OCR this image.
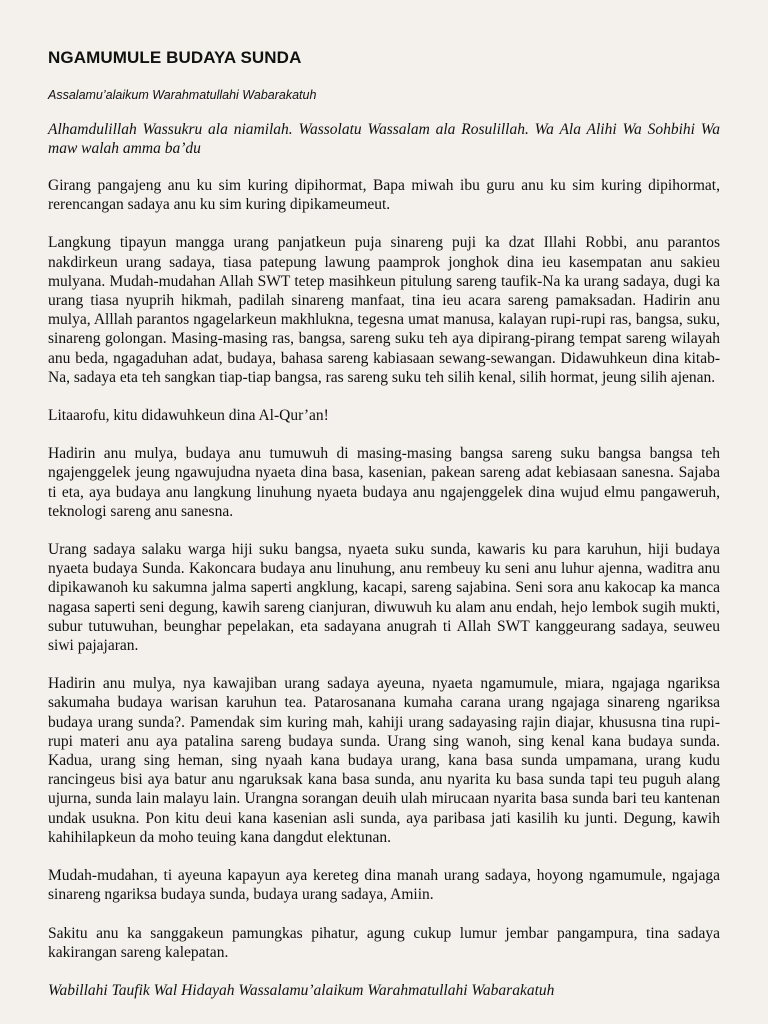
NGAMUMULE BUDAYA SUNDA

Assalamu’alaikum Warahmatullahi Wabarakatuh

Alhamdulillah Wassukru ala niamilah. Wassolatu Wassalam ala Rosulillah. Wa Ala Alihi Wa Sohbihi Wa maw walah amma ba’du

Girang pangajeng anu ku sim kuring dipihormat, Bapa miwah ibu guru anu ku sim kuring dipihormat, rerencangan sadaya anu ku sim kuring dipikameumeut.

Langkung tipayun mangga urang panjatkeun puja sinareng puji ka dzat Illahi Robbi, anu parantos nakdirkeun urang sadaya, tiasa patepung lawung paamprok jonghok dina ieu kasempatan anu sakieu mulyana. Mudah-mudahan Allah SWT tetep masihkeun pitulung sareng taufik-Na ka urang sadaya, dugi ka urang tiasa nyuprih hikmah, padilah sinareng manfaat, tina ieu acara sareng pamaksadan. Hadirin anu mulya, Alllah parantos ngagelarkeun makhlukna, tegesna umat manusa, kalayan rupi-rupi ras, bangsa, suku, sinareng golongan. Masing-masing ras, bangsa, sareng suku teh aya dipirang-pirang tempat sareng wilayah anu beda, ngagaduhan adat, budaya, bahasa sareng kabiasaan sewang-sewangan. Didawuhkeun dina kitab-Na, sadaya eta teh sangkan tiap-tiap bangsa, ras sareng suku teh silih kenal, silih hormat, jeung silih ajenan.

Litaarofu, kitu didawuhkeun dina Al-Qur’an!

Hadirin anu mulya, budaya anu tumuwuh di masing-masing bangsa sareng suku bangsa bangsa teh ngajenggelek jeung ngawujudna nyaeta dina basa, kasenian, pakean sareng adat kebiasaan sanesna. Sajaba ti eta, aya budaya anu langkung linuhung nyaeta budaya anu ngajenggelek dina wujud elmu pangaweruh, teknologi sareng anu sanesna.

Urang sadaya salaku warga hiji suku bangsa, nyaeta suku sunda, kawaris ku para karuhun, hiji budaya nyaeta budaya Sunda. Kakoncara budaya anu linuhung, anu rembeuy ku seni anu luhur ajenna, waditra anu dipikawanoh ku sakumna jalma saperti angklung, kacapi, sareng sajabina. Seni sora anu kakocap ka manca nagasa saperti seni degung, kawih sareng cianjuran, diwuwuh ku alam anu endah, hejo lembok sugih mukti, subur tutuwuhan, beunghar pepelakan, eta sadayana anugrah ti Allah SWT kanggeurang sadaya, seuweu siwi pajajaran.

Hadirin anu mulya, nya kawajiban urang sadaya ayeuna, nyaeta ngamumule, miara, ngajaga ngariksa sakumaha budaya warisan karuhun tea. Patarosanana kumaha carana urang ngajaga sinareng ngariksa budaya urang sunda?. Pamendak sim kuring mah, kahiji urang sadayasing rajin diajar, khususna tina rupi-rupi materi anu aya patalina sareng budaya sunda. Urang sing wanoh, sing kenal kana budaya sunda. Kadua, urang sing heman, sing nyaah kana budaya urang, kana basa sunda umpamana, urang kudu rancingeus bisi aya batur anu ngaruksak kana basa sunda, anu nyarita ku basa sunda tapi teu puguh alang ujurna, sunda lain malayu lain. Urangna sorangan deuih ulah mirucaan nyarita basa sunda bari teu kantenan undak usukna. Pon kitu deui kana kasenian asli sunda, aya paribasa jati kasilih ku junti. Degung, kawih kahihilapkeun da moho teuing kana dangdut elektunan.

Mudah-mudahan, ti ayeuna kapayun aya kereteg dina manah urang sadaya, hoyong ngamumule, ngajaga sinareng ngariksa budaya sunda, budaya urang sadaya, Amiin.

Sakitu anu ka sanggakeun pamungkas pihatur, agung cukup lumur jembar pangampura, tina sadaya kakirangan sareng kalepatan.

Wabillahi Taufik Wal Hidayah Wassalamu’alaikum Warahmatullahi Wabarakatuh
